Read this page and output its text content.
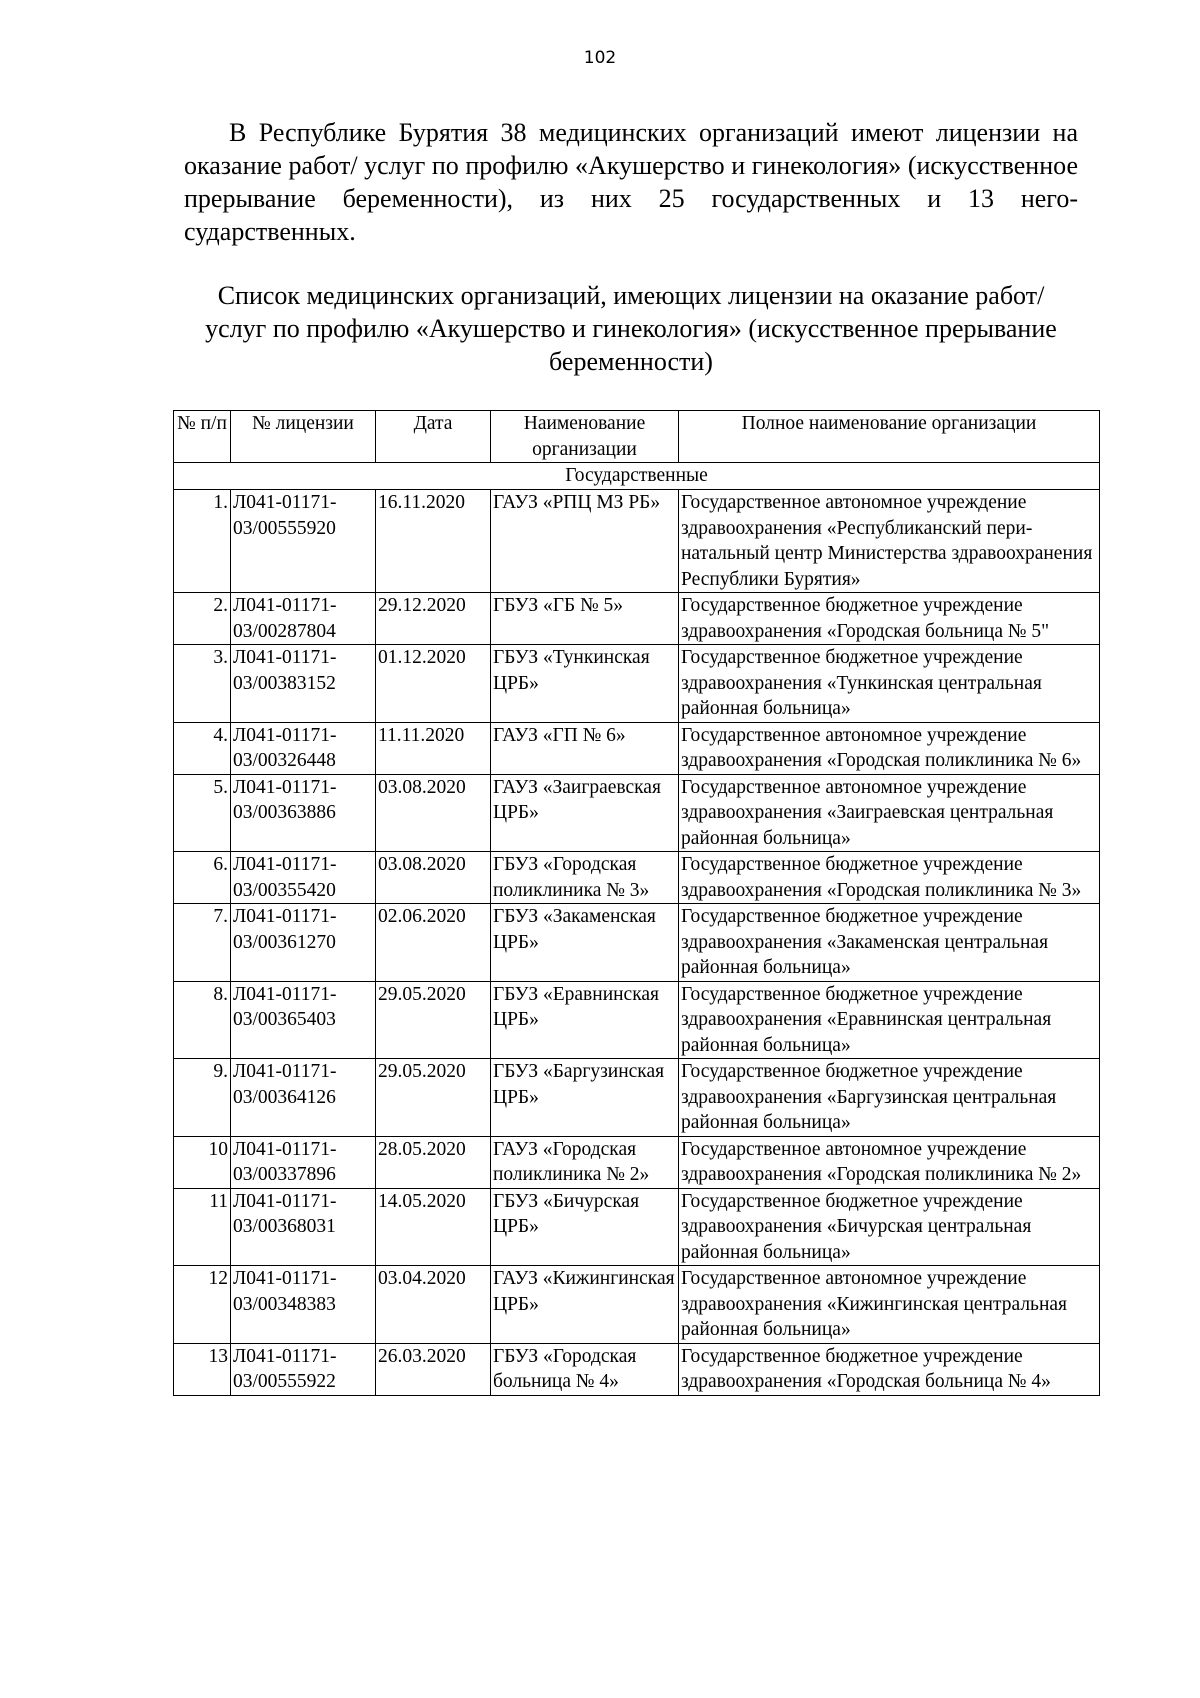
102

В Республике Бурятия 38 медицинских организаций имеют лицензии на оказание работ/ услуг по профилю «Акушерство и гинекология» (искусственное прерывание беременности), из них 25 государственных и 13 негосударственных.

Список медицинских организаций, имеющих лицензии на оказание работ/ услуг по профилю «Акушерство и гинекология» (искусственное прерывание беременности)

№ п/п	№ лицензии	Дата	Наименование организации	Полное наименование организации
Государственные				
1.	Л041-01171-03/00555920	16.11.2020	ГАУЗ «РПЦ МЗ РБ»	Государственное автономное учреждение здравоохранения «Республиканский перинатальный центр Министерства здравоохранения Республики Бурятия»
2.	Л041-01171-03/00287804	29.12.2020	ГБУЗ «ГБ № 5»	Государственное бюджетное учреждение здравоохранения «Городская больница № 5"
3.	Л041-01171-03/00383152	01.12.2020	ГБУЗ «Тункинская ЦРБ»	Государственное бюджетное учреждение здравоохранения «Тункинская центральная районная больница»
4.	Л041-01171-03/00326448	11.11.2020	ГАУЗ «ГП № 6»	Государственное автономное учреждение здравоохранения «Городская поликлиника № 6»
5.	Л041-01171-03/00363886	03.08.2020	ГАУЗ «Заиграевская ЦРБ»	Государственное автономное учреждение здравоохранения «Заиграевская центральная районная больница»
6.	Л041-01171-03/00355420	03.08.2020	ГБУЗ «Городская поликлиника № 3»	Государственное бюджетное учреждение здравоохранения «Городская поликлиника № 3»
7.	Л041-01171-03/00361270	02.06.2020	ГБУЗ «Закаменская ЦРБ»	Государственное бюджетное учреждение здравоохранения «Закаменская центральная районная больница»
8.	Л041-01171-03/00365403	29.05.2020	ГБУЗ «Еравнинская ЦРБ»	Государственное бюджетное учреждение здравоохранения «Еравнинская центральная районная больница»
9.	Л041-01171-03/00364126	29.05.2020	ГБУЗ «Баргузинская ЦРБ»	Государственное бюджетное учреждение здравоохранения «Баргузинская центральная районная больница»
10	Л041-01171-03/00337896	28.05.2020	ГАУЗ «Городская поликлиника № 2»	Государственное автономное учреждение здравоохранения «Городская поликлиника № 2»
11	Л041-01171-03/00368031	14.05.2020	ГБУЗ «Бичурская ЦРБ»	Государственное бюджетное учреждение здравоохранения «Бичурская центральная районная больница»
12	Л041-01171-03/00348383	03.04.2020	ГАУЗ «Кижингинская ЦРБ»	Государственное автономное учреждение здравоохранения «Кижингинская центральная районная больница»
13	Л041-01171-03/00555922	26.03.2020	ГБУЗ «Городская больница № 4»	Государственное бюджетное учреждение здравоохранения «Городская больница № 4»
